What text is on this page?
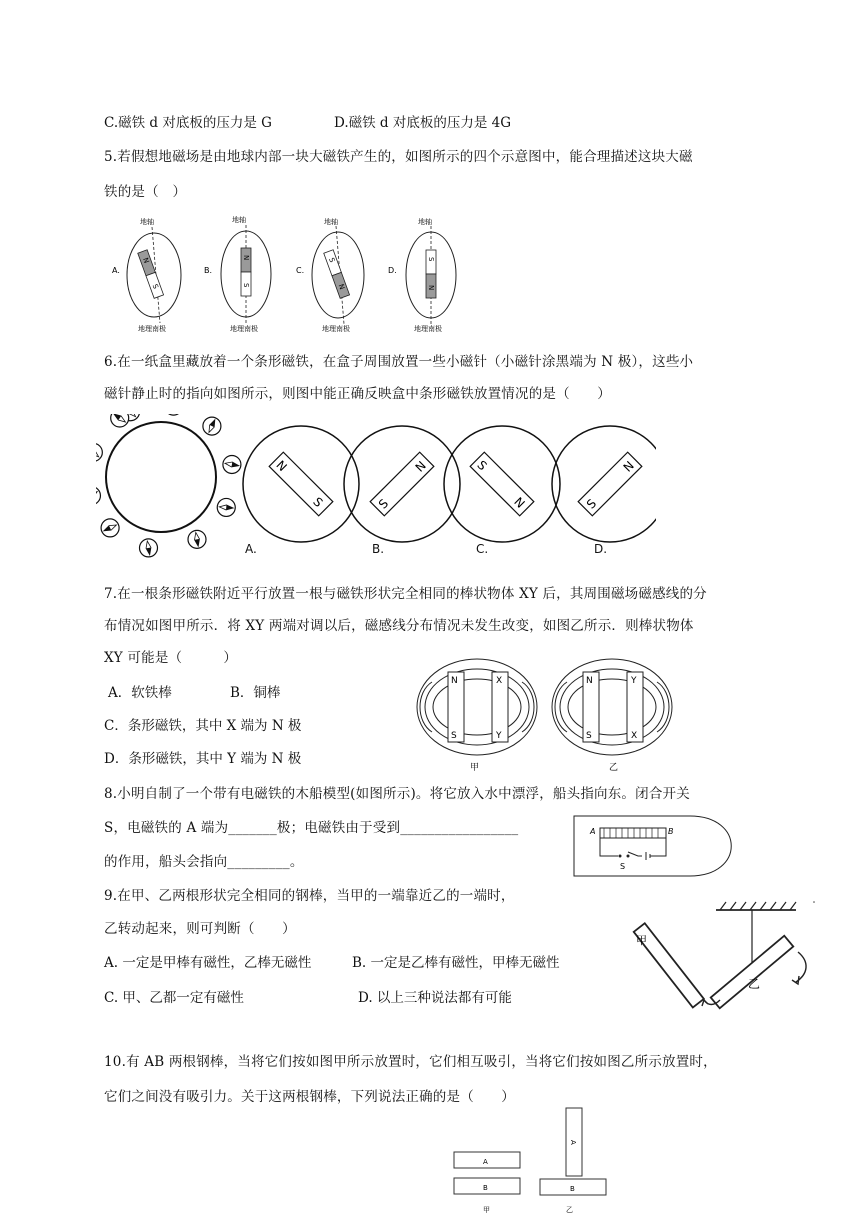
C.磁铁 d 对底板的压力是 G	D.磁铁 d 对底板的压力是 4G
5.若假想地磁场是由地球内部一块大磁铁产生的，如图所示的四个示意图中，能合理描述这块大磁
铁的是（　）
A.
地轴
N
S
地理南极
B.
地轴
N
S
地理南极
C.
地轴
S
N
地理南极
D.
地轴
S
N
地理南极
6.在一纸盒里藏放着一个条形磁铁，在盒子周围放置一些小磁针（小磁针涂黑端为 N 极），这些小
磁针静止时的指向如图所示，则图中能正确反映盒中条形磁铁放置情况的是（　　）
N
S	S
N	S
N	S
N
A.	B.	C.	D.
7.在一根条形磁铁附近平行放置一根与磁铁形状完全相同的棒状物体 XY 后，其周围磁场磁感线的分
布情况如图甲所示．将 XY 两端对调以后，磁感线分布情况未发生改变，如图乙所示．则棒状物体
XY 可能是（　　　）
A．软铁棒	B．铜棒
C．条形磁铁，其中 X 端为 N 极
D．条形磁铁，其中 Y 端为 N 极
N
S
X
Y
甲
N
S
Y
X
乙
8.小明自制了一个带有电磁铁的木船模型(如图所示)。将它放入水中漂浮，船头指向东。闭合开关
S，电磁铁的 A 端为_______极；电磁铁由于受到_________________
的作用，船头会指向_________。
A	B
S
9.在甲、乙两根形状完全相同的钢棒，当甲的一端靠近乙的一端时，
乙转动起来，则可判断（　　）
A. 一定是甲棒有磁性，乙棒无磁性	B. 一定是乙棒有磁性，甲棒无磁性
C. 甲、乙都一定有磁性	D. 以上三种说法都有可能
甲
乙
10.有 AB 两根钢棒，当将它们按如图甲所示放置时，它们相互吸引，当将它们按如图乙所示放置时，
它们之间没有吸引力。关于这两根钢棒，下列说法正确的是（　　）
A
B
甲
A
B
乙
